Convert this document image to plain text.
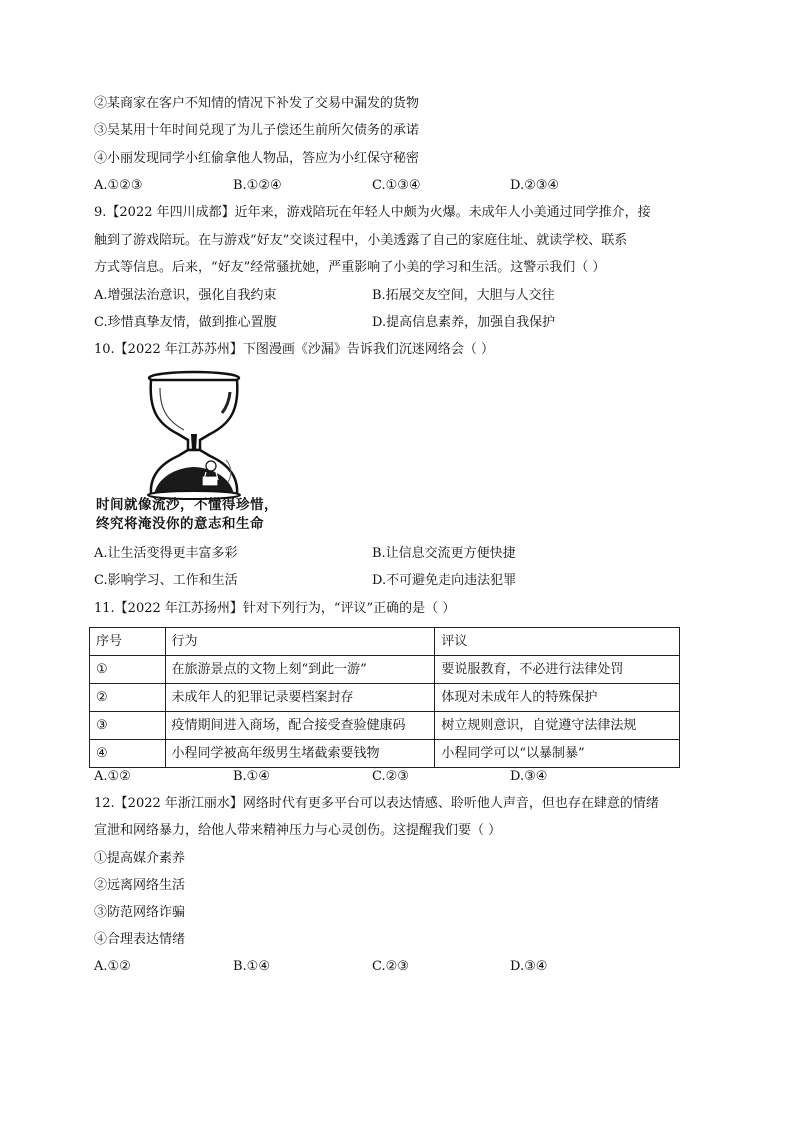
②某商家在客户不知情的情况下补发了交易中漏发的货物
③吴某用十年时间兑现了为儿子偿还生前所欠债务的承诺
④小丽发现同学小红偷拿他人物品，答应为小红保守秘密
A.①②③	B.①②④	C.①③④	D.②③④
9.【2022 年四川成都】近年来，游戏陪玩在年轻人中颇为火爆。未成年人小美通过同学推介，接
触到了游戏陪玩。在与游戏“好友”交谈过程中，小美透露了自己的家庭住址、就读学校、联系
方式等信息。后来，“好友”经常骚扰她，严重影响了小美的学习和生活。这警示我们（ ）
A.增强法治意识，强化自我约束	B.拓展交友空间，大胆与人交往
C.珍惜真挚友情，做到推心置腹	D.提高信息素养，加强自我保护
10.【2022 年江苏苏州】下图漫画《沙漏》告诉我们沉迷网络会（ ）
时间就像流沙，不懂得珍惜，
终究将淹没你的意志和生命
A.让生活变得更丰富多彩	B.让信息交流更方便快捷
C.影响学习、工作和生活	D.不可避免走向违法犯罪
11.【2022 年江苏扬州】针对下列行为，“评议”正确的是（ ）
序号	行为	评议
①	在旅游景点的文物上刻“到此一游”	要说服教育，不必进行法律处罚
②	未成年人的犯罪记录要档案封存	体现对未成年人的特殊保护
③	疫情期间进入商场，配合接受查验健康码	树立规则意识，自觉遵守法律法规
④	小程同学被高年级男生堵截索要钱物	小程同学可以“以暴制暴”
A.①②	B.①④	C.②③	D.③④
12.【2022 年浙江丽水】网络时代有更多平台可以表达情感、聆听他人声音，但也存在肆意的情绪
宣泄和网络暴力，给他人带来精神压力与心灵创伤。这提醒我们要（ ）
①提高媒介素养
②远离网络生活
③防范网络诈骗
④合理表达情绪
A.①②	B.①④	C.②③	D.③④
